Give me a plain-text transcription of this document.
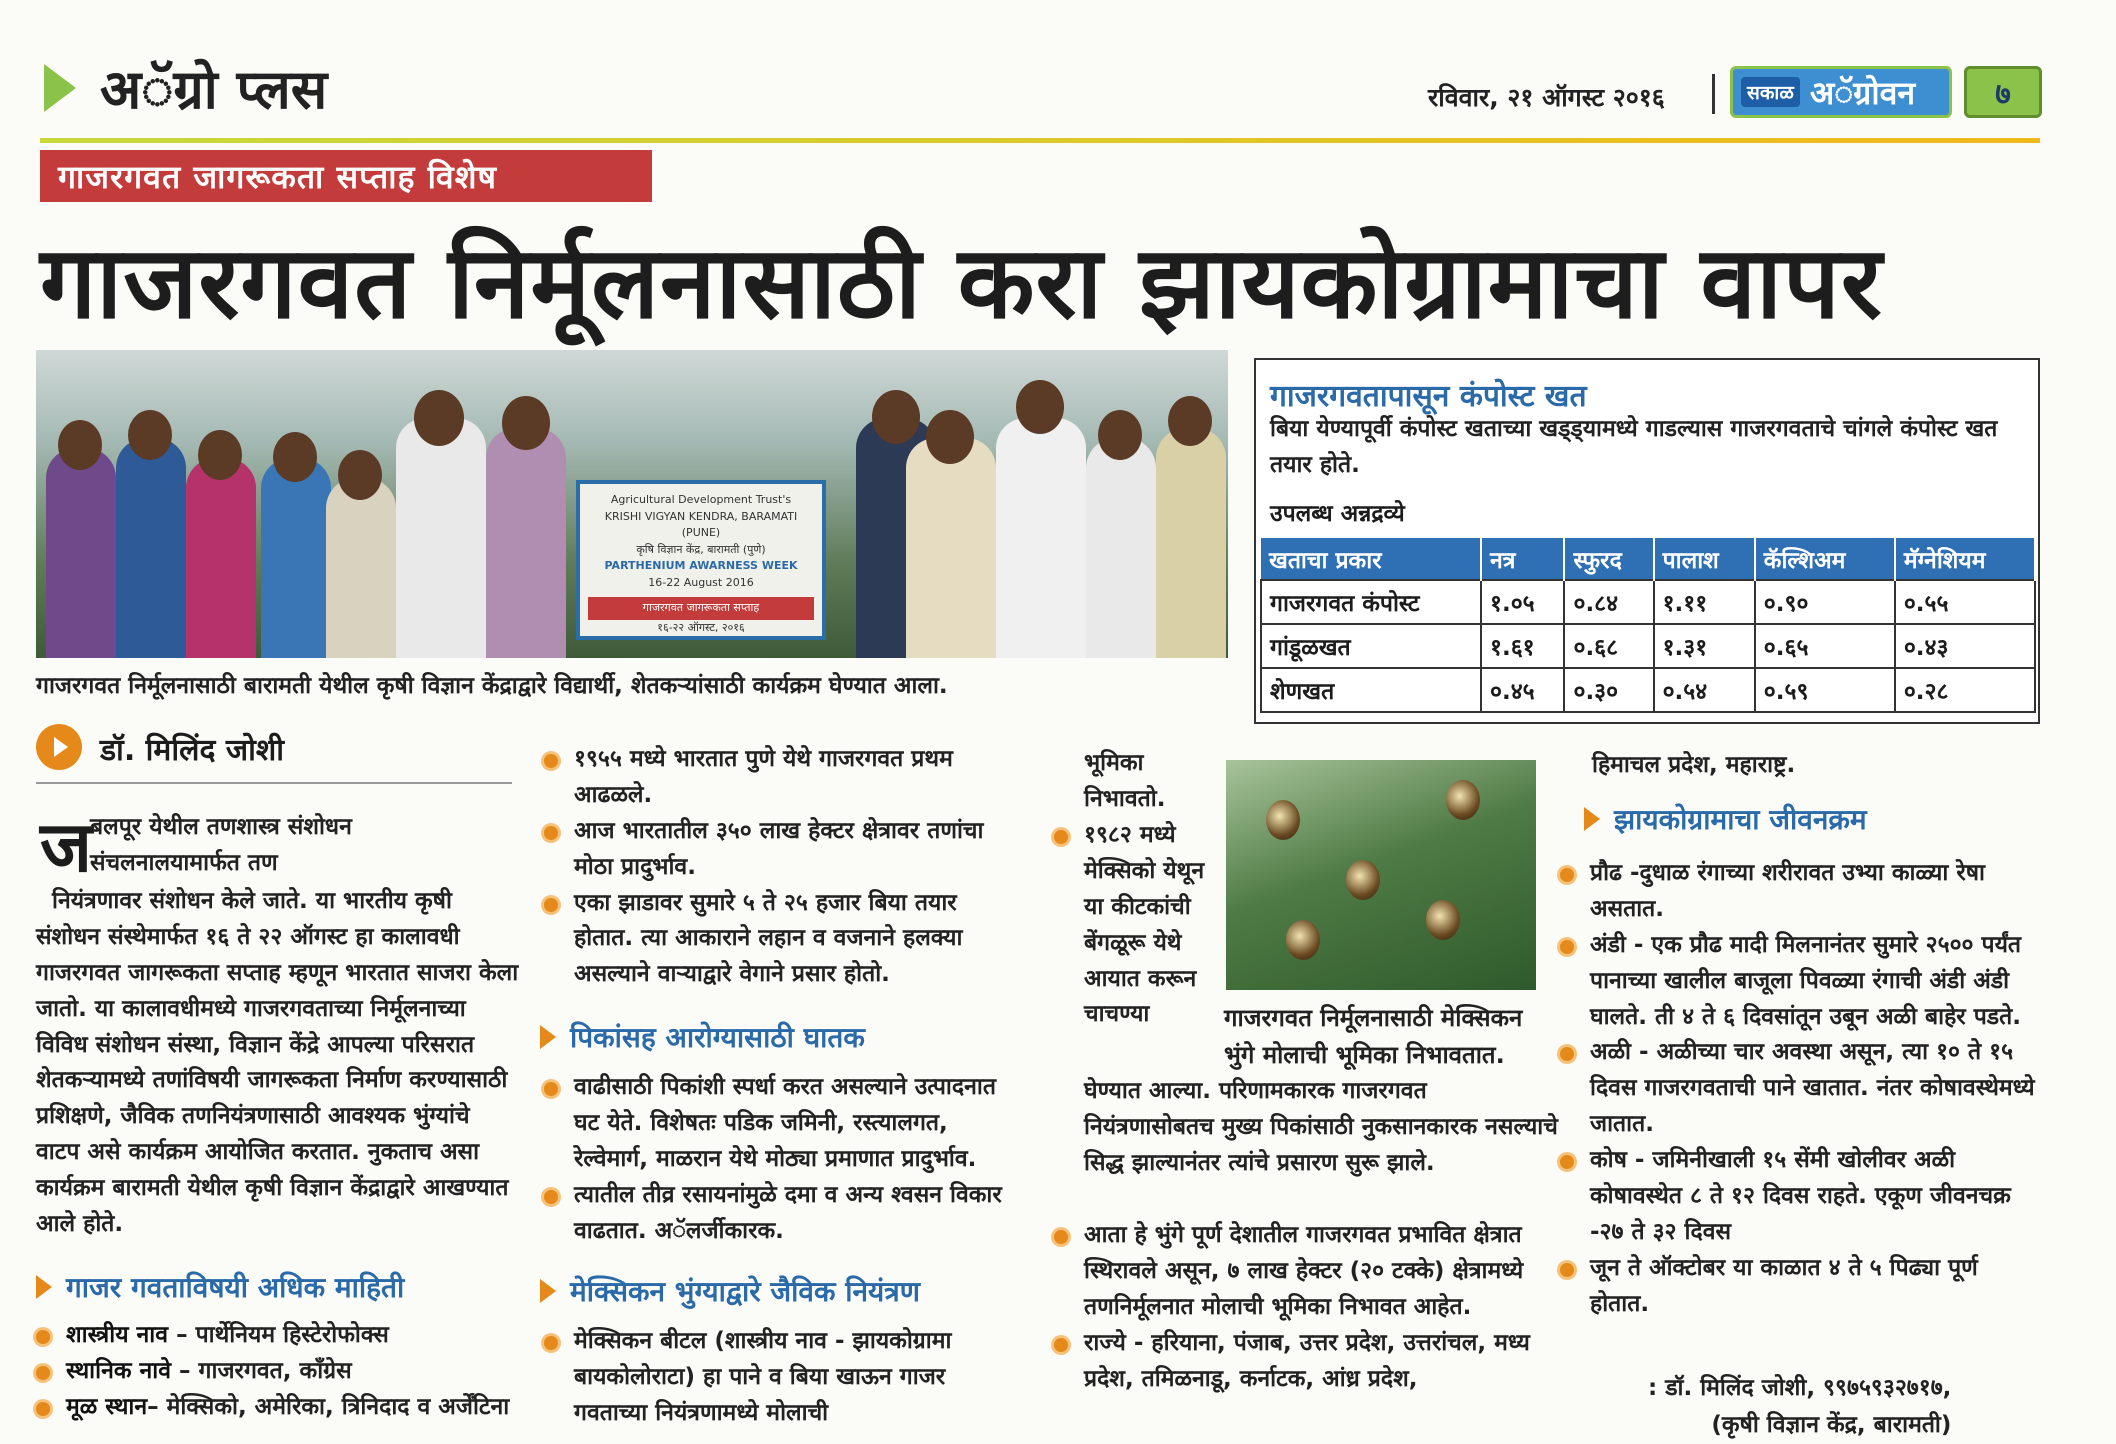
अॅग्रो प्लस	रविवार, २१ ऑगस्ट २०१६	सकाळ अॅग्रोवन	७
गाजरगवत जागरूकता सप्ताह विशेष
गाजरगवत निर्मूलनासाठी करा झायकोग्रामाचा वापर
Agricultural Development Trust's
KRISHI VIGYAN KENDRA, BARAMATI (PUNE)
कृषि विज्ञान केंद्र, बारामती (पुणे)
PARTHENIUM AWARNESS WEEK
16-22 August 2016
गाजरगवत जागरूकता सप्ताह
१६-२२ ऑगस्ट, २०१६
गाजरगवत निर्मूलनासाठी बारामती येथील कृषी विज्ञान केंद्राद्वारे विद्यार्थी, शेतकऱ्यांसाठी कार्यक्रम घेण्यात आला.
गाजरगवतापासून कंपोस्ट खत
बिया येण्यापूर्वी कंपोस्ट खताच्या खड्ड्यामध्ये गाडल्यास गाजरगवताचे चांगले कंपोस्ट खत तयार होते.
उपलब्ध अन्नद्रव्ये
खताचा प्रकार	नत्र	स्फुरद	पालाश	कॅल्शिअम	मॅग्नेशियम
गाजरगवत कंपोस्ट	१.०५	०.८४	१.११	०.९०	०.५५
गांडूळखत	१.६१	०.६८	१.३१	०.६५	०.४३
शेणखत	०.४५	०.३०	०.५४	०.५९	०.२८
डॉ. मिलिंद जोशी
ज
बलपूर येथील तणशास्त्र संशोधन
संचलनालयामार्फत तण
नियंत्रणावर संशोधन केले जाते. या भारतीय कृषी संशोधन संस्थेमार्फत १६ ते २२ ऑगस्ट हा कालावधी गाजरगवत जागरूकता सप्ताह म्हणून भारतात साजरा केला जातो. या कालावधीमध्ये गाजरगवताच्या निर्मूलनाच्या विविध संशोधन संस्था, विज्ञान केंद्रे आपल्या परिसरात शेतकऱ्यामध्ये तणांविषयी जागरूकता निर्माण करण्यासाठी प्रशिक्षणे, जैविक तणनियंत्रणासाठी आवश्यक भुंग्यांचे वाटप असे कार्यक्रम आयोजित करतात. नुकताच असा कार्यक्रम बारामती येथील कृषी विज्ञान केंद्राद्वारे आखण्यात आले होते.
गाजर गवताविषयी अधिक माहिती
शास्त्रीय नाव – पार्थेनियम हिस्टेरोफोक्स
स्थानिक नावे – गाजरगवत, काँग्रेस
मूळ स्थान– मेक्सिको, अमेरिका, त्रिनिदाद व अर्जेंटिना
१९५५ मध्ये भारतात पुणे येथे गाजरगवत प्रथम आढळले.
आज भारतातील ३५० लाख हेक्टर क्षेत्रावर तणांचा मोठा प्रादुर्भाव.
एका झाडावर सुमारे ५ ते २५ हजार बिया तयार होतात. त्या आकाराने लहान व वजनाने हलक्या असल्याने वाऱ्याद्वारे वेगाने प्रसार होतो.
पिकांसह आरोग्यासाठी घातक
वाढीसाठी पिकांशी स्पर्धा करत असल्याने उत्पादनात घट येते. विशेषतः पडिक जमिनी, रस्त्यालगत, रेल्वेमार्ग, माळरान येथे मोठ्या प्रमाणात प्रादुर्भाव.
त्यातील तीव्र रसायनांमुळे दमा व अन्य श्वसन विकार वाढतात. अॅलर्जीकारक.
मेक्सिकन भुंग्याद्वारे जैविक नियंत्रण
मेक्सिकन बीटल (शास्त्रीय नाव - झायकोग्रामा बायकोलोराटा) हा पाने व बिया खाऊन गाजर गवताच्या नियंत्रणामध्ये मोलाची
भूमिका निभावतो.
१९८२ मध्ये मेक्सिको येथून या कीटकांची बेंगळूरू येथे आयात करून चाचण्या	गाजरगवत निर्मूलनासाठी मेक्सिकन भुंगे मोलाची भूमिका निभावतात.
घेण्यात आल्या. परिणामकारक गाजरगवत नियंत्रणासोबतच मुख्य पिकांसाठी नुकसानकारक नसल्याचे सिद्ध झाल्यानंतर त्यांचे प्रसारण सुरू झाले.
आता हे भुंगे पूर्ण देशातील गाजरगवत प्रभावित क्षेत्रात स्थिरावले असून, ७ लाख हेक्टर (२० टक्के) क्षेत्रामध्ये तणनिर्मूलनात मोलाची भूमिका निभावत आहेत.
राज्ये - हरियाना, पंजाब, उत्तर प्रदेश, उत्तरांचल, मध्य प्रदेश, तमिळनाडू, कर्नाटक, आंध्र प्रदेश,
हिमाचल प्रदेश, महाराष्ट्र.
झायकोग्रामाचा जीवनक्रम
प्रौढ -दुधाळ रंगाच्या शरीरावत उभ्या काळ्या रेषा असतात.
अंडी - एक प्रौढ मादी मिलनानंतर सुमारे २५०० पर्यंत पानाच्या खालील बाजूला पिवळ्या रंगाची अंडी अंडी घालते. ती ४ ते ६ दिवसांतून उबून अळी बाहेर पडते.
अळी - अळीच्या चार अवस्था असून, त्या १० ते १५ दिवस गाजरगवताची पाने खातात. नंतर कोषावस्थेमध्ये जातात.
कोष - जमिनीखाली १५ सेंमी खोलीवर अळी कोषावस्थेत ८ ते १२ दिवस राहते. एकूण जीवनचक्र -२७ ते ३२ दिवस
जून ते ऑक्टोबर या काळात ४ ते ५ पिढ्या पूर्ण होतात.
: डॉ. मिलिंद जोशी, ९९७५९३२७१७,
(कृषी विज्ञान केंद्र, बारामती)
